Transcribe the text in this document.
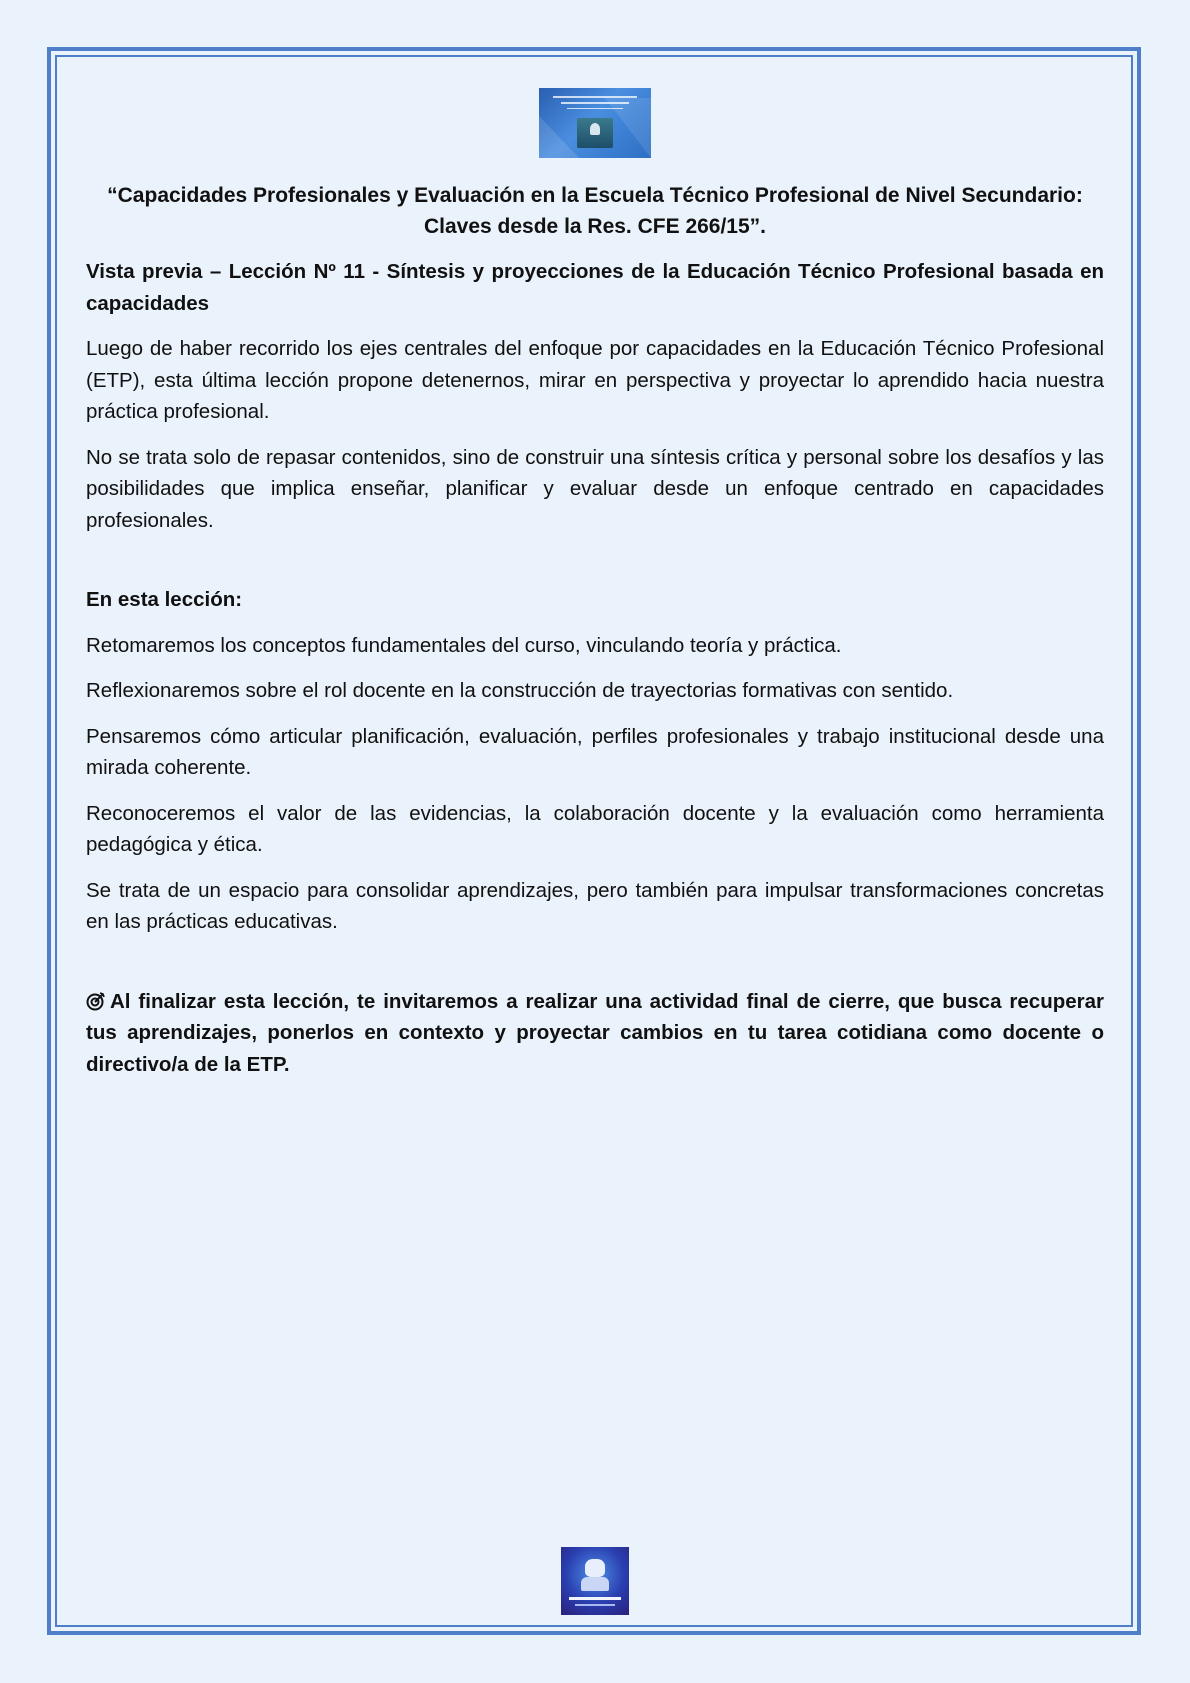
“Capacidades Profesionales y Evaluación en la Escuela Técnico Profesional de Nivel Secundario: Claves desde la Res. CFE 266/15”.

Vista previa – Lección Nº 11 - Síntesis y proyecciones de la Educación Técnico Profesional basada en capacidades

Luego de haber recorrido los ejes centrales del enfoque por capacidades en la Educación Técnico Profesional (ETP), esta última lección propone detenernos, mirar en perspectiva y proyectar lo aprendido hacia nuestra práctica profesional.

No se trata solo de repasar contenidos, sino de construir una síntesis crítica y personal sobre los desafíos y las posibilidades que implica enseñar, planificar y evaluar desde un enfoque centrado en capacidades profesionales.

En esta lección:

Retomaremos los conceptos fundamentales del curso, vinculando teoría y práctica.

Reflexionaremos sobre el rol docente en la construcción de trayectorias formativas con sentido.

Pensaremos cómo articular planificación, evaluación, perfiles profesionales y trabajo institucional desde una mirada coherente.

Reconoceremos el valor de las evidencias, la colaboración docente y la evaluación como herramienta pedagógica y ética.

Se trata de un espacio para consolidar aprendizajes, pero también para impulsar transformaciones concretas en las prácticas educativas.

Al finalizar esta lección, te invitaremos a realizar una actividad final de cierre, que busca recuperar tus aprendizajes, ponerlos en contexto y proyectar cambios en tu tarea cotidiana como docente o directivo/a de la ETP.
